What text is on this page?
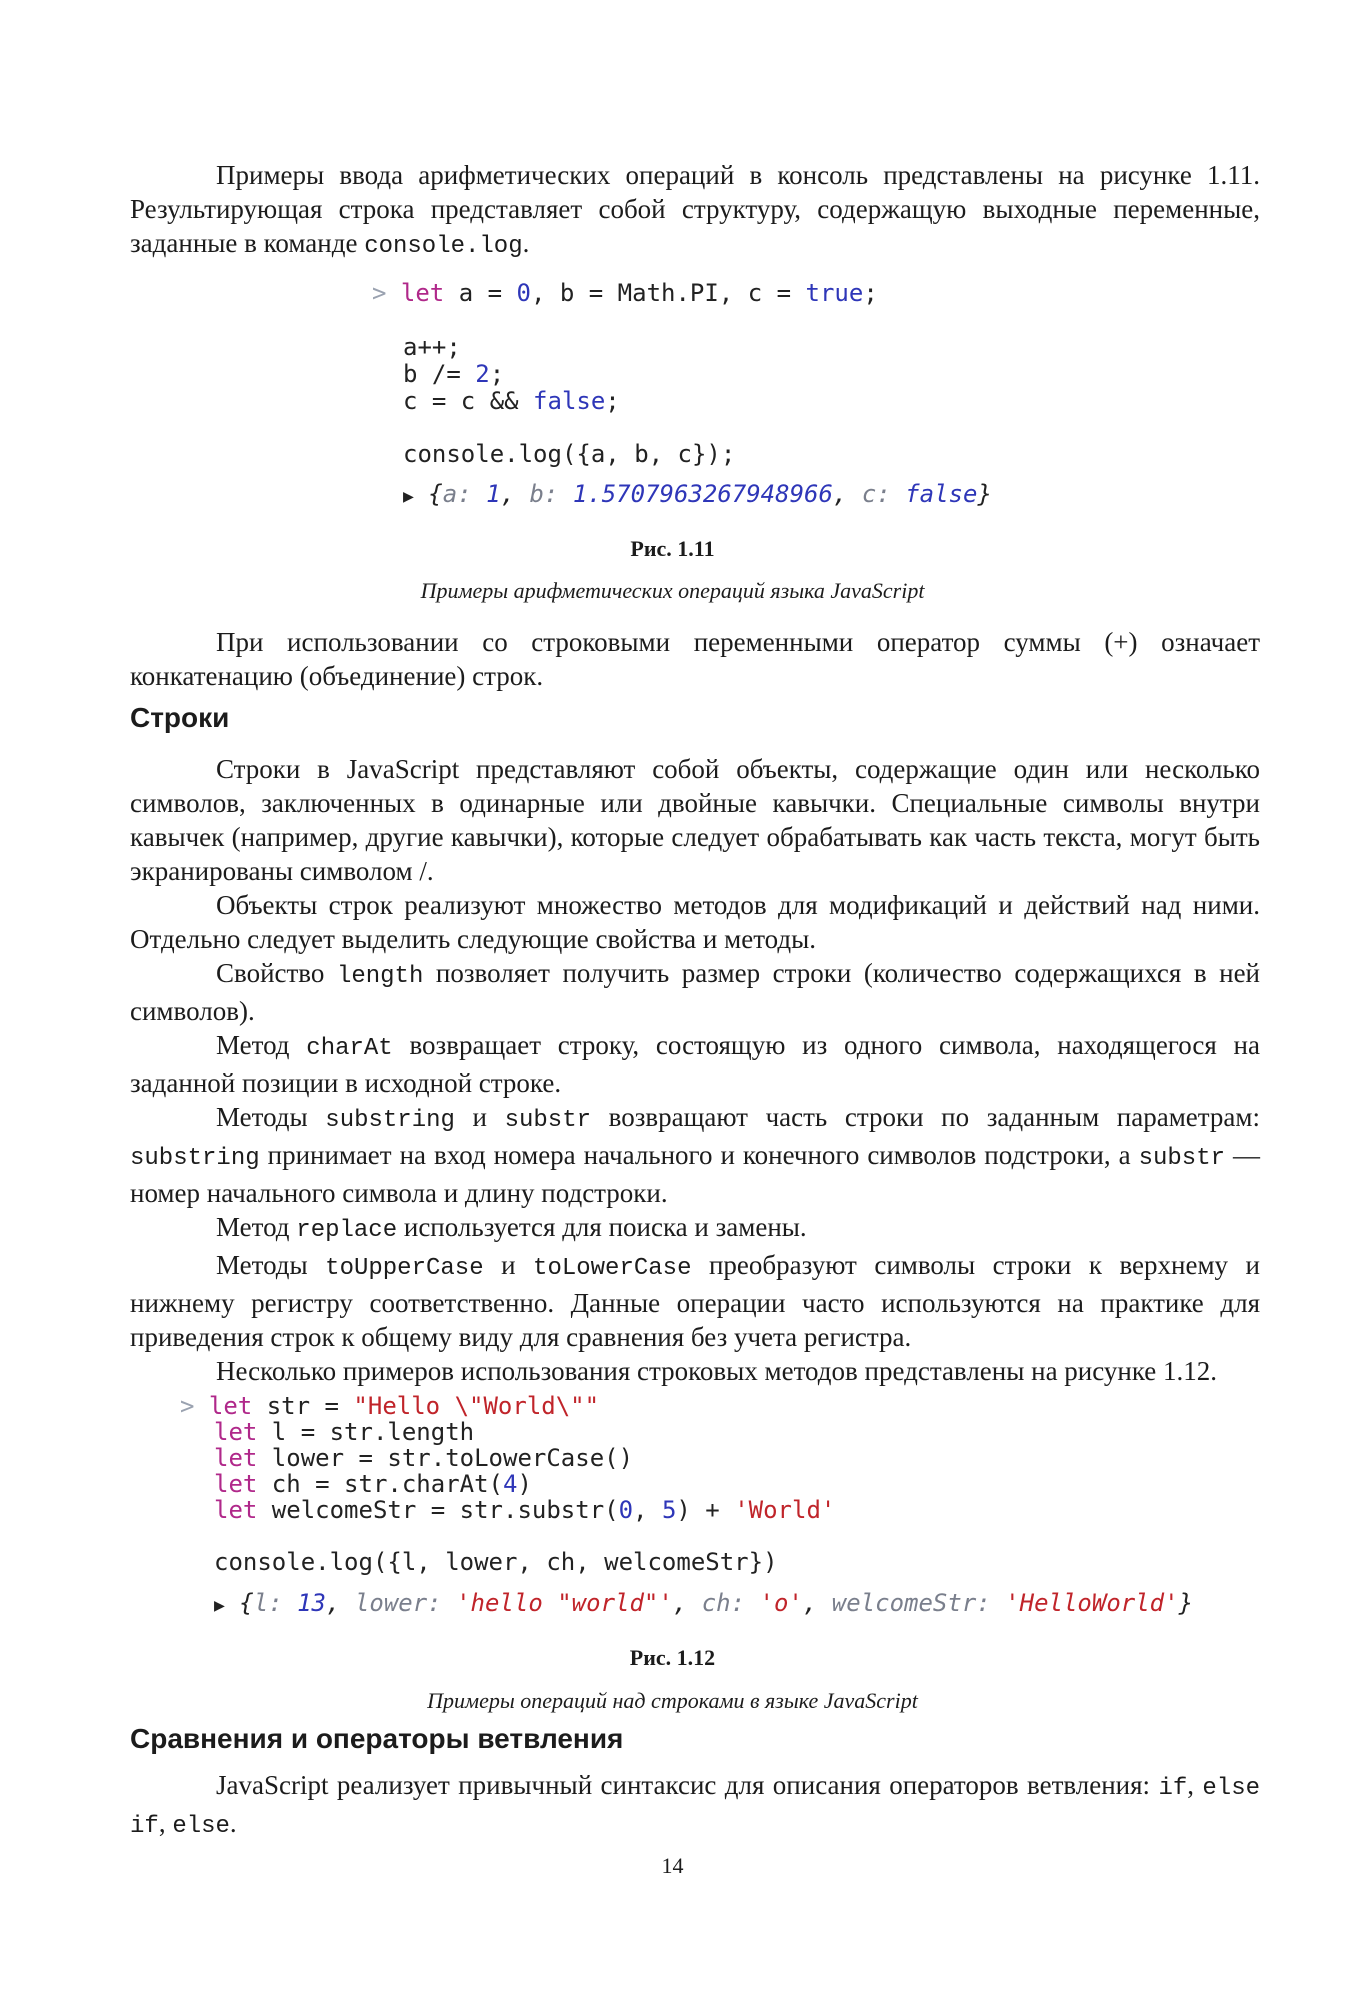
Примеры ввода арифметических операций в консоль представлены на рисунке 1.11. Результирующая строка представляет собой структуру, содержащую выходные переменные, заданные в команде console.log.

> let a = 0, b = Math.PI, c = true;
a++;
b /= 2;
c = c && false;
console.log({a, b, c});
▶ {a: 1, b: 1.5707963267948966, c: false}
Рис. 1.11
Примеры арифметических операций языка JavaScript

При использовании со строковыми переменными оператор суммы (+) означает конкатенацию (объединение) строк.

Строки

Строки в JavaScript представляют собой объекты, содержащие один или несколько символов, заключенных в одинарные или двойные кавычки. Специальные символы внутри кавычек (например, другие кавычки), которые следует обрабатывать как часть текста, могут быть экранированы символом /.

Объекты строк реализуют множество методов для модификаций и действий над ними. Отдельно следует выделить следующие свойства и методы.

Свойство length позволяет получить размер строки (количество содержащихся в ней символов).

Метод charAt возвращает строку, состоящую из одного символа, находящегося на заданной позиции в исходной строке.

Методы substring и substr возвращают часть строки по заданным параметрам: substring принимает на вход номера начального и конечного символов подстроки, а substr — номер начального символа и длину подстроки.

Метод replace используется для поиска и замены.

Методы toUpperCase и toLowerCase преобразуют символы строки к верхнему и нижнему регистру соответственно. Данные операции часто используются на практике для приведения строк к общему виду для сравнения без учета регистра.

Несколько примеров использования строковых методов представлены на рисунке 1.12.

> let str = "Hello \"World\""
let l = str.length
let lower = str.toLowerCase()
let ch = str.charAt(4)
let welcomeStr = str.substr(0, 5) + 'World'
console.log({l, lower, ch, welcomeStr})
▶ {l: 13, lower: 'hello "world"', ch: 'o', welcomeStr: 'HelloWorld'}
Рис. 1.12
Примеры операций над строками в языке JavaScript
Сравнения и операторы ветвления

JavaScript реализует привычный синтаксис для описания операторов ветвления: if, else if, else.

14
